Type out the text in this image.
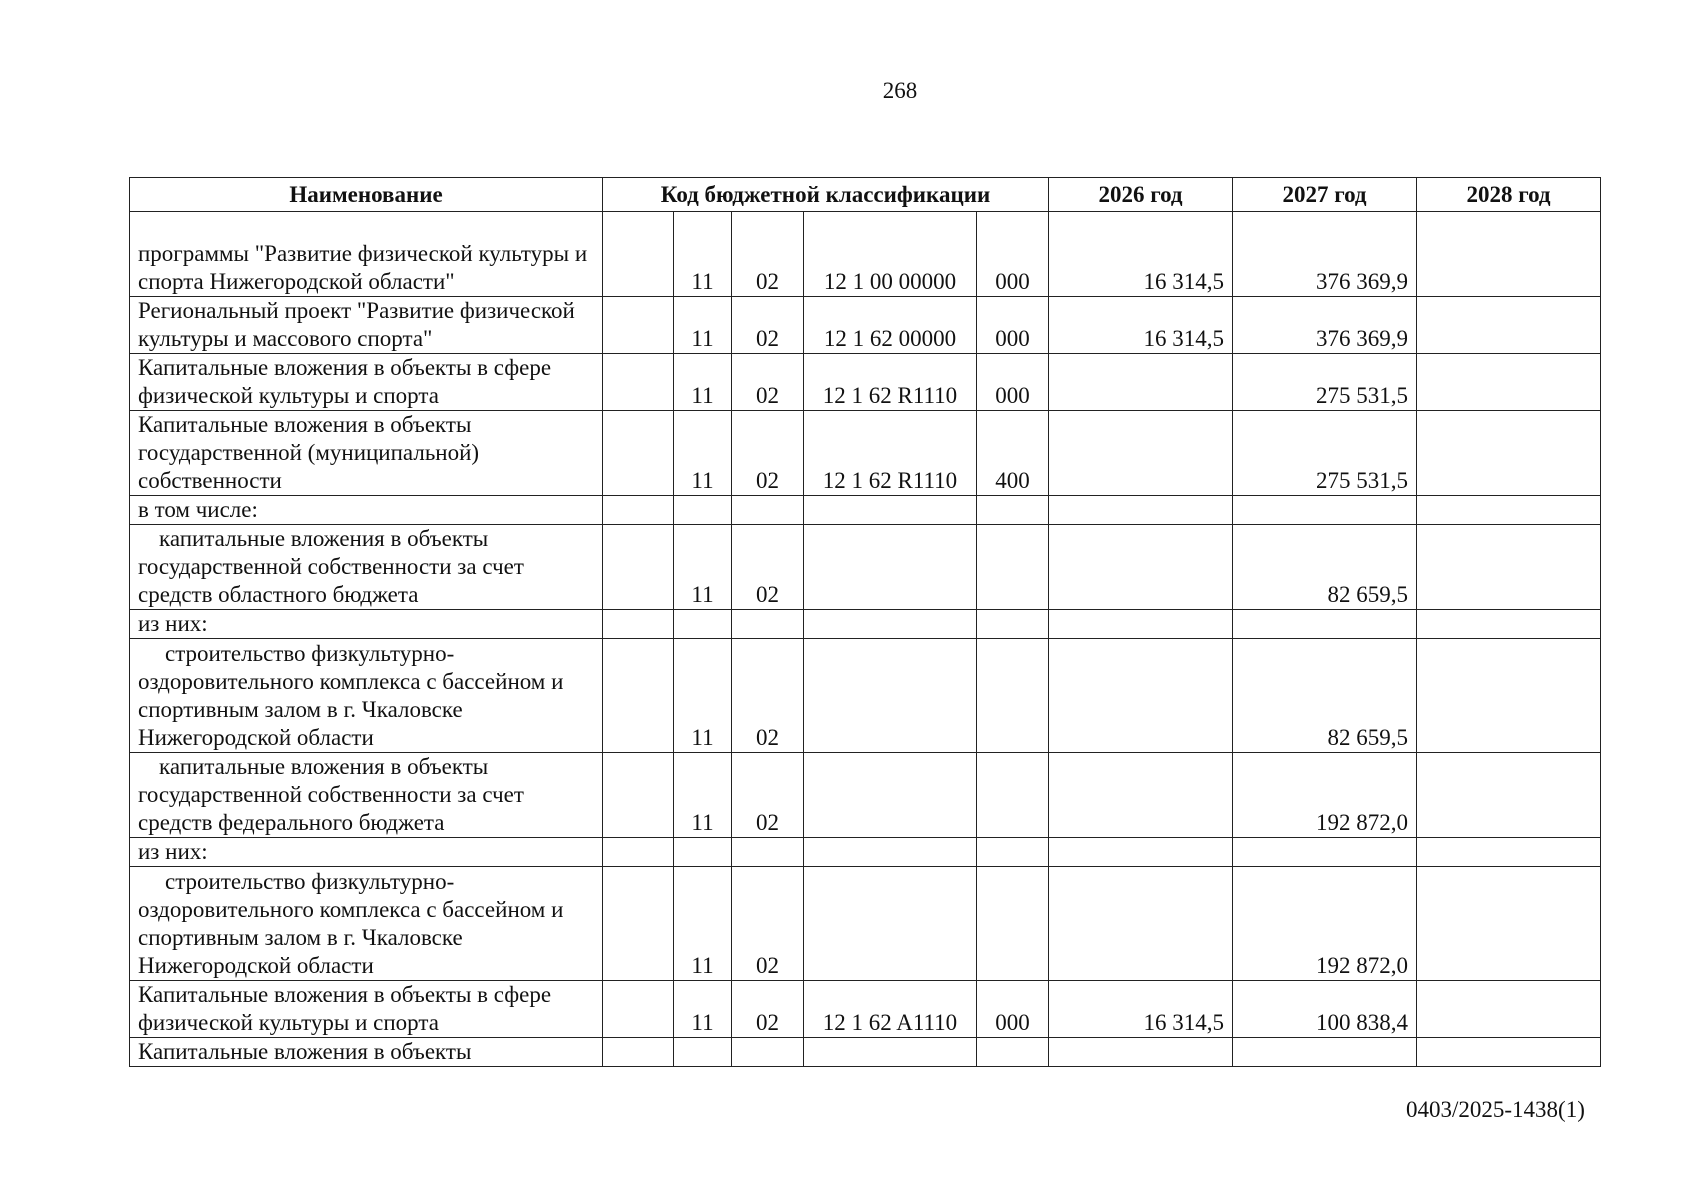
268
Наименование	Код бюджетной классификации					2026 год	2027 год	2028 год
программы "Развитие физической культуры и спорта Нижегородской области"		11	02	12 1 00 00000	000	16 314,5	376 369,9	
Региональный проект "Развитие физической культуры и массового спорта"		11	02	12 1 62 00000	000	16 314,5	376 369,9	
Капитальные вложения в объекты в сфере физической культуры и спорта		11	02	12 1 62 R1110	000		275 531,5	
Капитальные вложения в объекты государственной (муниципальной) собственности		11	02	12 1 62 R1110	400		275 531,5	
в том числе:								
капитальные вложения в объекты государственной собственности за счет средств областного бюджета		11	02				82 659,5	
из них:								
строительство физкультурно-оздоровительного комплекса с бассейном и спортивным залом в г. Чкаловске Нижегородской области		11	02				82 659,5	
капитальные вложения в объекты государственной собственности за счет средств федерального бюджета		11	02				192 872,0	
из них:								
строительство физкультурно-оздоровительного комплекса с бассейном и спортивным залом в г. Чкаловске Нижегородской области		11	02				192 872,0	
Капитальные вложения в объекты в сфере физической культуры и спорта		11	02	12 1 62 A1110	000	16 314,5	100 838,4	
Капитальные вложения в объекты								
0403/2025-1438(1)
